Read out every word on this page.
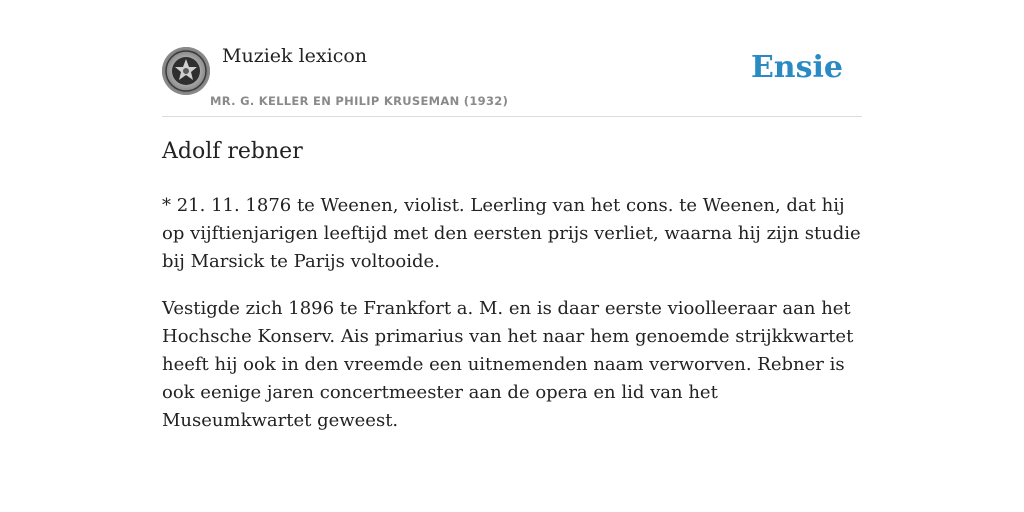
Muziek lexicon
MR. G. KELLER EN PHILIP KRUSEMAN (1932)
Ensie
Adolf rebner

* 21. 11. 1876 te Weenen, violist. Leerling van het cons. te Weenen, dat hij op vijftienjarigen leeftijd met den eersten prijs verliet, waarna hij zijn studie bij Marsick te Parijs voltooide.

Vestigde zich 1896 te Frankfort a. M. en is daar eerste vioolleeraar aan het Hochsche Konserv. Ais primarius van het naar hem genoemde strijkkwartet heeft hij ook in den vreemde een uitnemenden naam verworven. Rebner is ook eenige jaren concertmeester aan de opera en lid van het Museumkwartet geweest.
